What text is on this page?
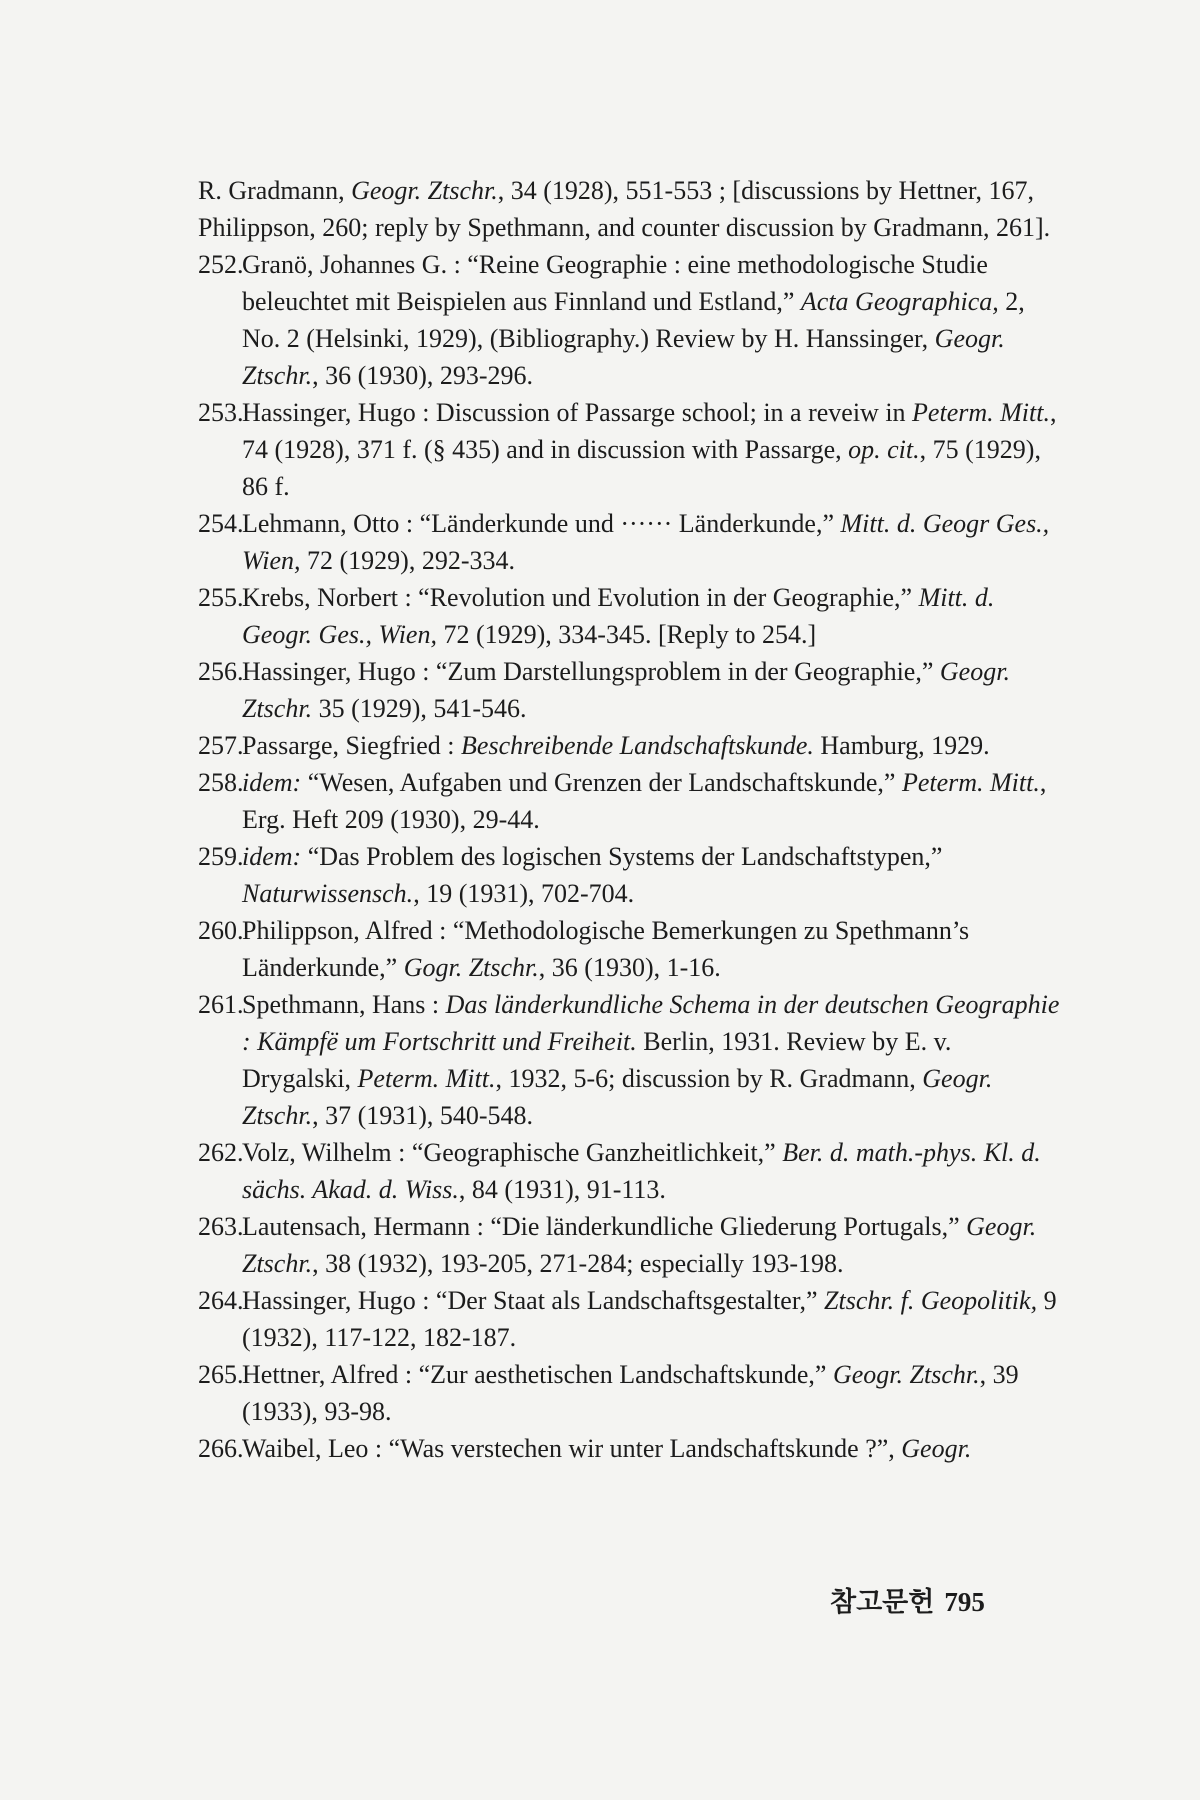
R. Gradmann, Geogr. Ztschr., 34 (1928), 551-553 ; [discussions by Hettner, 167, Philippson, 260; reply by Spethmann, and counter discussion by Gradmann, 261].

252.Granö, Johannes G. : “Reine Geographie : eine methodologische Studie beleuchtet mit Beispielen aus Finnland und Estland,” Acta Geographica, 2, No. 2 (Helsinki, 1929), (Bibliography.) Review by H. Hanssinger, Geogr. Ztschr., 36 (1930), 293-296.

253.Hassinger, Hugo : Discussion of Passarge school; in a reveiw in Peterm. Mitt., 74 (1928), 371 f. (§ 435) and in discussion with Passarge, op. cit., 75 (1929), 86 f.

254.Lehmann, Otto : “Länderkunde und ······ Länderkunde,” Mitt. d. Geogr Ges., Wien, 72 (1929), 292-334.

255.Krebs, Norbert : “Revolution und Evolution in der Geographie,” Mitt. d. Geogr. Ges., Wien, 72 (1929), 334-345. [Reply to 254.]

256.Hassinger, Hugo : “Zum Darstellungsproblem in der Geographie,” Geogr. Ztschr. 35 (1929), 541-546.

257.Passarge, Siegfried : Beschreibende Landschaftskunde. Hamburg, 1929.

258.idem: “Wesen, Aufgaben und Grenzen der Landschaftskunde,” Peterm. Mitt., Erg. Heft 209 (1930), 29-44.

259.idem: “Das Problem des logischen Systems der Landschaftstypen,” Naturwissensch., 19 (1931), 702-704.

260.Philippson, Alfred : “Methodologische Bemerkungen zu Spethmann’s Länderkunde,” Gogr. Ztschr., 36 (1930), 1-16.

261.Spethmann, Hans : Das länderkundliche Schema in der deutschen Geographie : Kämpfë um Fortschritt und Freiheit. Berlin, 1931. Review by E. v. Drygalski, Peterm. Mitt., 1932, 5-6; discussion by R. Gradmann, Geogr. Ztschr., 37 (1931), 540-548.

262.Volz, Wilhelm : “Geographische Ganzheitlichkeit,” Ber. d. math.-phys. Kl. d. sächs. Akad. d. Wiss., 84 (1931), 91-113.

263.Lautensach, Hermann : “Die länderkundliche Gliederung Portugals,” Geogr. Ztschr., 38 (1932), 193-205, 271-284; especially 193-198.

264.Hassinger, Hugo : “Der Staat als Landschaftsgestalter,” Ztschr. f. Geopolitik, 9 (1932), 117-122, 182-187.

265.Hettner, Alfred : “Zur aesthetischen Landschaftskunde,” Geogr. Ztschr., 39 (1933), 93-98.

266.Waibel, Leo : “Was verstechen wir unter Landschaftskunde ?”, Geogr.

참고문헌 795
